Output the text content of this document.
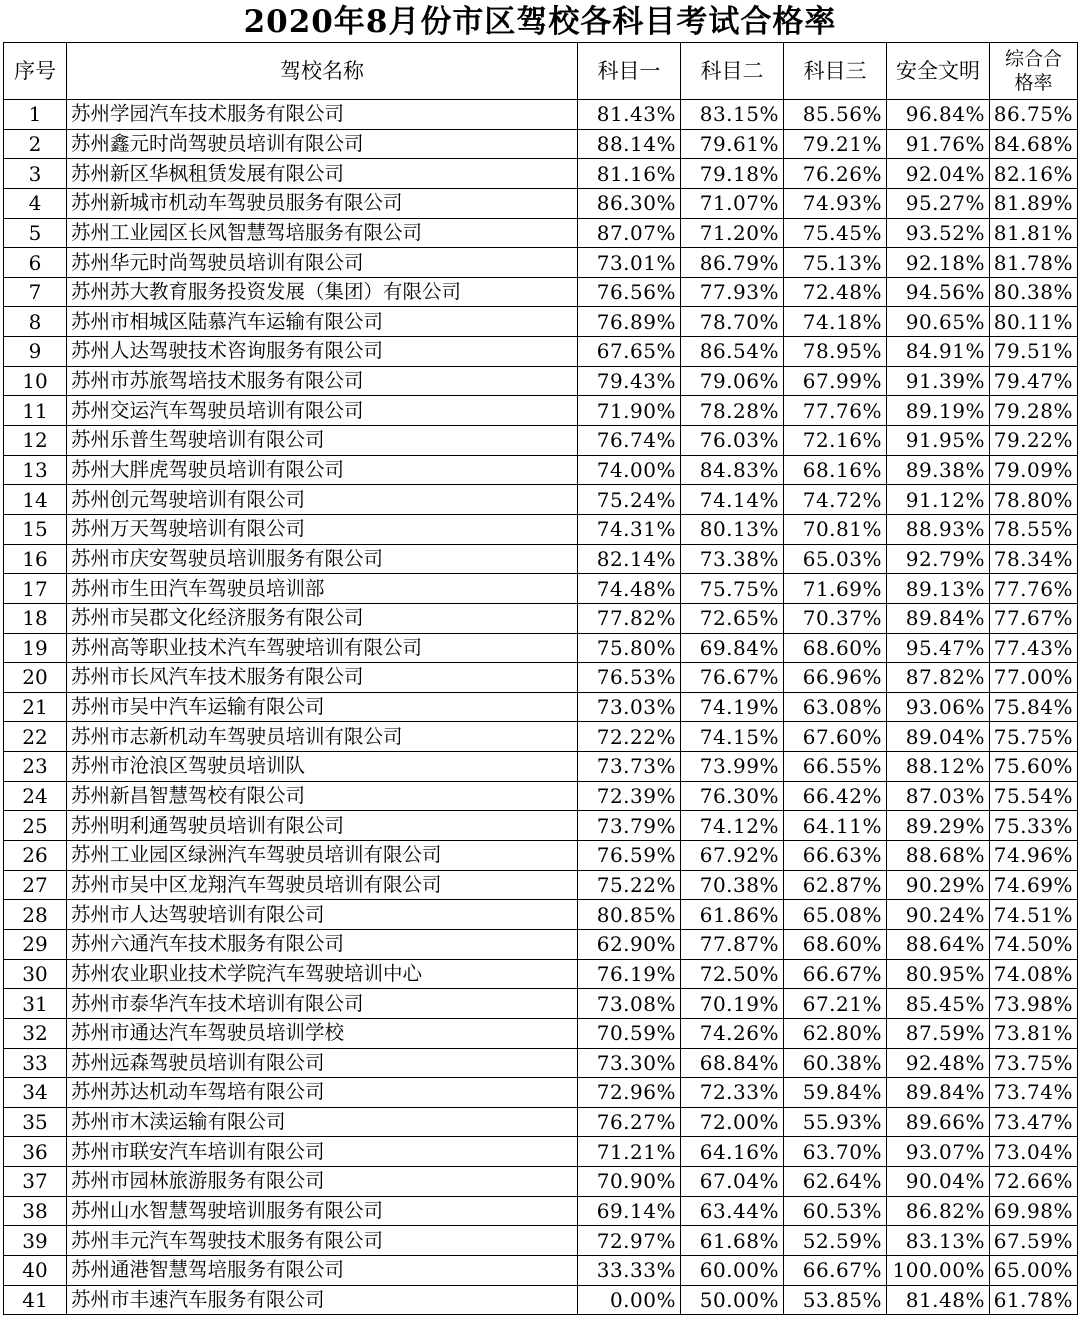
2020年8月份市区驾校各科目考试合格率
序号	驾校名称	科目一	科目二	科目三	安全文明	综合合
格率
1	苏州学园汽车技术服务有限公司	81.43%	83.15%	85.56%	96.84%	86.75%
2	苏州鑫元时尚驾驶员培训有限公司	88.14%	79.61%	79.21%	91.76%	84.68%
3	苏州新区华枫租赁发展有限公司	81.16%	79.18%	76.26%	92.04%	82.16%
4	苏州新城市机动车驾驶员服务有限公司	86.30%	71.07%	74.93%	95.27%	81.89%
5	苏州工业园区长风智慧驾培服务有限公司	87.07%	71.20%	75.45%	93.52%	81.81%
6	苏州华元时尚驾驶员培训有限公司	73.01%	86.79%	75.13%	92.18%	81.78%
7	苏州苏大教育服务投资发展（集团）有限公司	76.56%	77.93%	72.48%	94.56%	80.38%
8	苏州市相城区陆慕汽车运输有限公司	76.89%	78.70%	74.18%	90.65%	80.11%
9	苏州人达驾驶技术咨询服务有限公司	67.65%	86.54%	78.95%	84.91%	79.51%
10	苏州市苏旅驾培技术服务有限公司	79.43%	79.06%	67.99%	91.39%	79.47%
11	苏州交运汽车驾驶员培训有限公司	71.90%	78.28%	77.76%	89.19%	79.28%
12	苏州乐普生驾驶培训有限公司	76.74%	76.03%	72.16%	91.95%	79.22%
13	苏州大胖虎驾驶员培训有限公司	74.00%	84.83%	68.16%	89.38%	79.09%
14	苏州创元驾驶培训有限公司	75.24%	74.14%	74.72%	91.12%	78.80%
15	苏州万天驾驶培训有限公司	74.31%	80.13%	70.81%	88.93%	78.55%
16	苏州市庆安驾驶员培训服务有限公司	82.14%	73.38%	65.03%	92.79%	78.34%
17	苏州市生田汽车驾驶员培训部	74.48%	75.75%	71.69%	89.13%	77.76%
18	苏州市吴郡文化经济服务有限公司	77.82%	72.65%	70.37%	89.84%	77.67%
19	苏州高等职业技术汽车驾驶培训有限公司	75.80%	69.84%	68.60%	95.47%	77.43%
20	苏州市长风汽车技术服务有限公司	76.53%	76.67%	66.96%	87.82%	77.00%
21	苏州市吴中汽车运输有限公司	73.03%	74.19%	63.08%	93.06%	75.84%
22	苏州市志新机动车驾驶员培训有限公司	72.22%	74.15%	67.60%	89.04%	75.75%
23	苏州市沧浪区驾驶员培训队	73.73%	73.99%	66.55%	88.12%	75.60%
24	苏州新昌智慧驾校有限公司	72.39%	76.30%	66.42%	87.03%	75.54%
25	苏州明利通驾驶员培训有限公司	73.79%	74.12%	64.11%	89.29%	75.33%
26	苏州工业园区绿洲汽车驾驶员培训有限公司	76.59%	67.92%	66.63%	88.68%	74.96%
27	苏州市吴中区龙翔汽车驾驶员培训有限公司	75.22%	70.38%	62.87%	90.29%	74.69%
28	苏州市人达驾驶培训有限公司	80.85%	61.86%	65.08%	90.24%	74.51%
29	苏州六通汽车技术服务有限公司	62.90%	77.87%	68.60%	88.64%	74.50%
30	苏州农业职业技术学院汽车驾驶培训中心	76.19%	72.50%	66.67%	80.95%	74.08%
31	苏州市泰华汽车技术培训有限公司	73.08%	70.19%	67.21%	85.45%	73.98%
32	苏州市通达汽车驾驶员培训学校	70.59%	74.26%	62.80%	87.59%	73.81%
33	苏州远森驾驶员培训有限公司	73.30%	68.84%	60.38%	92.48%	73.75%
34	苏州苏达机动车驾培有限公司	72.96%	72.33%	59.84%	89.84%	73.74%
35	苏州市木渎运输有限公司	76.27%	72.00%	55.93%	89.66%	73.47%
36	苏州市联安汽车培训有限公司	71.21%	64.16%	63.70%	93.07%	73.04%
37	苏州市园林旅游服务有限公司	70.90%	67.04%	62.64%	90.04%	72.66%
38	苏州山水智慧驾驶培训服务有限公司	69.14%	63.44%	60.53%	86.82%	69.98%
39	苏州丰元汽车驾驶技术服务有限公司	72.97%	61.68%	52.59%	83.13%	67.59%
40	苏州通港智慧驾培服务有限公司	33.33%	60.00%	66.67%	100.00%	65.00%
41	苏州市丰速汽车服务有限公司	0.00%	50.00%	53.85%	81.48%	61.78%
